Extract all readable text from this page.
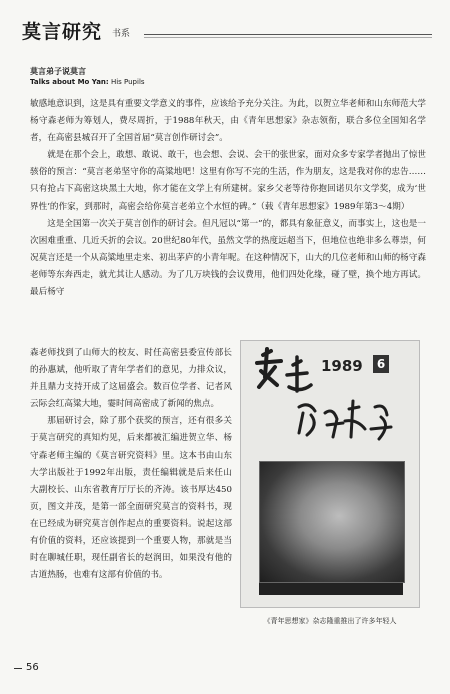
莫言研究 书系
莫言弟子说莫言
Talks about Mo Yan: His Pupils

敏感地意识到，这是具有重要文学意义的事件，应该给予充分关注。为此，以贺立华老师和山东师范大学杨守森老师为筹划人，费尽周折，于1988年秋天，由《青年思想家》杂志领衔，联合多位全国知名学者，在高密县城召开了全国首届“莫言创作研讨会”。

就是在那个会上，敢想、敢说、敢干，也会想、会说、会干的张世家，面对众多专家学者抛出了惊世骇俗的预言：“莫言老弟坚守你的高粱地吧！这里有你写不完的生活，作为朋友，这是我对你的忠告……只有抢占下高密这块黑土大地，你才能在文学上有所建树。家乡父老等待你抱回诺贝尔文学奖，成为‘世界性’的作家，到那时，高密会给你莫言老弟立个水恒的碑。”（载《青年思想家》1989年第3～4期）

这是全国第一次关于莫言创作的研讨会。但凡冠以“第一”的，都具有象征意义，而事实上，这也是一次困难重重、几近夭折的会议。20世纪80年代，虽然文学的热度远超当下，但地位也绝非多么尊崇，何况莫言还是一个从高粱地里走来、初出茅庐的小青年呢。在这种情况下，山大的几位老师和山师的杨守森老师等东奔西走，就尤其让人感动。为了几万块钱的会议费用，他们四处化缘，碰了壁，换个地方再试。最后杨守

森老师找到了山师大的校友、时任高密县委宣传部长的孙惠斌，他听取了青年学者们的意见，力排众议，并且鼎力支持开成了这届盛会。数百位学者、记者风云际会红高粱大地，霎时间高密成了新闻的焦点。

那届研讨会，除了那个获奖的预言，还有很多关于莫言研究的真知灼见，后来都被汇编进贺立华、杨守森老师主编的《莫言研究资料》里。这本书由山东大学出版社于1992年出版，责任编辑就是后来任山大副校长、山东省教育厅厅长的齐涛。该书厚达450页，图文并茂，是第一部全面研究莫言的资料书，现在已经成为研究莫言创作起点的重要资料。说起这部有价值的资料，还应该提到一个重要人物，那就是当时在聊城任职，现任副省长的赵润田，如果没有他的古道热肠，也难有这部有价值的书。

1989	6
《青年思想家》杂志隆重推出了许多年轻人
56
